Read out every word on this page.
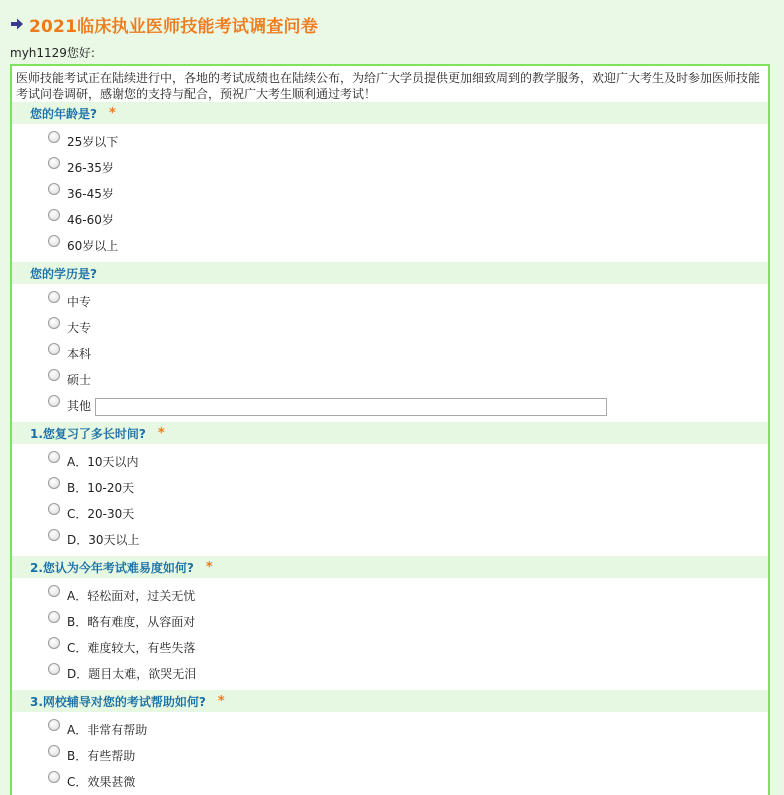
2021临床执业医师技能考试调查问卷
myh1129您好:
医师技能考试正在陆续进行中，各地的考试成绩也在陆续公布，为给广大学员提供更加细致周到的教学服务，欢迎广大考生及时参加医师技能考试问卷调研，感谢您的支持与配合，预祝广大考生顺利通过考试！
您的年龄是? *
25岁以下
26-35岁
36-45岁
46-60岁
60岁以上
您的学历是?
中专
大专
本科
硕士
其他
1.您复习了多长时间? *
A．10天以内
B．10-20天
C．20-30天
D．30天以上
2.您认为今年考试难易度如何? *
A．轻松面对，过关无忧
B．略有难度，从容面对
C．难度较大，有些失落
D．题目太难，欲哭无泪
3.网校辅导对您的考试帮助如何? *
A．非常有帮助
B．有些帮助
C．效果甚微
